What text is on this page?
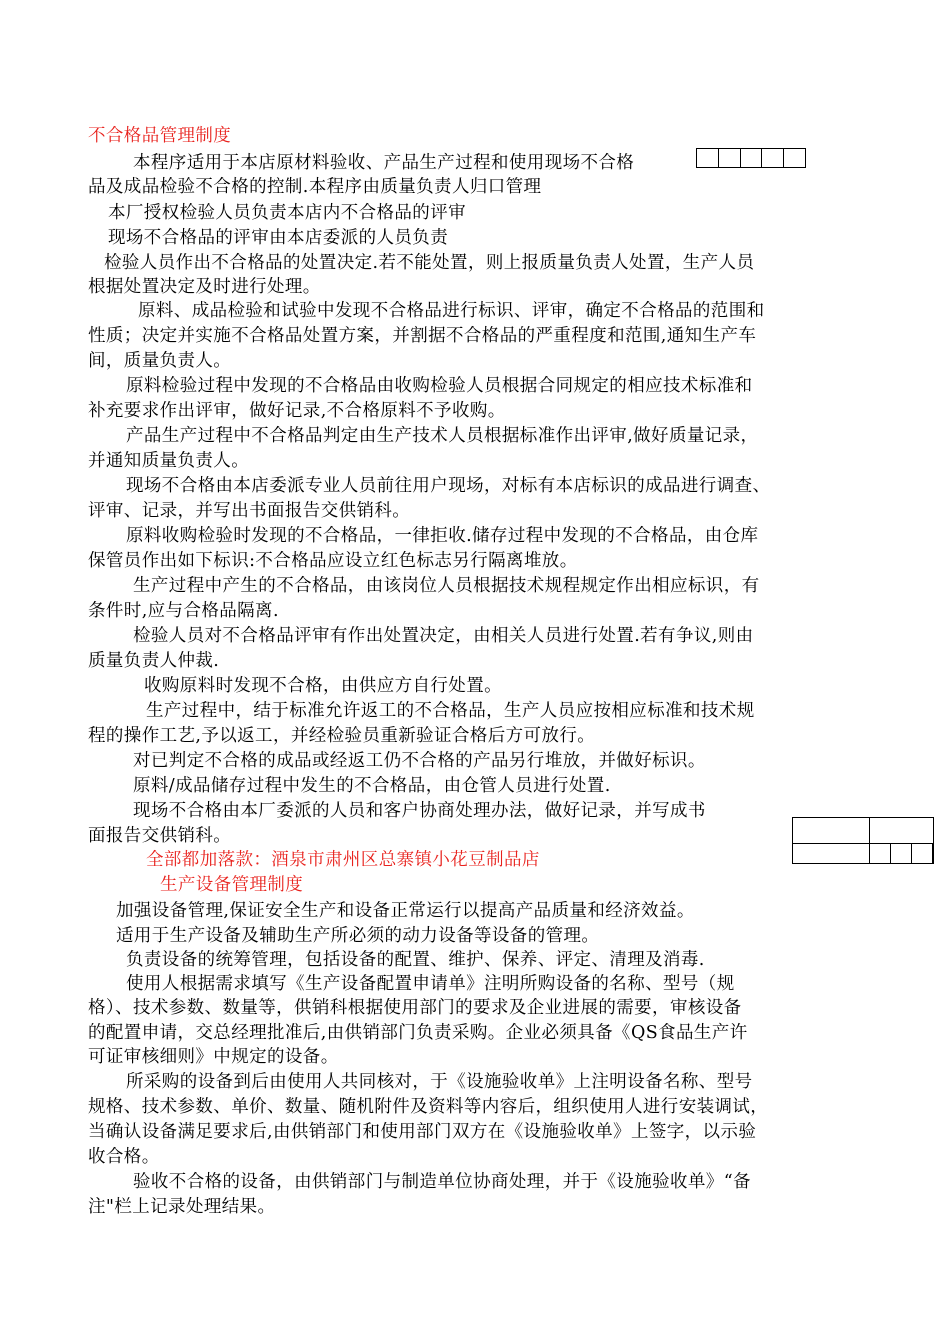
不合格品管理制度

本程序适用于本店原材料验收、产品生产过程和使用现场不合格
品及成品检验不合格的控制.本程序由质量负责人归口管理
本厂授权检验人员负责本店内不合格品的评审
现场不合格品的评审由本店委派的人员负责
检验人员作出不合格品的处置决定.若不能处置，则上报质量负责人处置，生产人员
根据处置决定及时进行处理。
原料、成品检验和试验中发现不合格品进行标识、评审，确定不合格品的范围和
性质；决定并实施不合格品处置方案，并割据不合格品的严重程度和范围,通知生产车
间，质量负责人。
原料检验过程中发现的不合格品由收购检验人员根据合同规定的相应技术标准和
补充要求作出评审，做好记录,不合格原料不予收购。
产品生产过程中不合格品判定由生产技术人员根据标准作出评审,做好质量记录，
并通知质量负责人。
现场不合格由本店委派专业人员前往用户现场，对标有本店标识的成品进行调查、
评审、记录，并写出书面报告交供销科。
原料收购检验时发现的不合格品，一律拒收.储存过程中发现的不合格品，由仓库
保管员作出如下标识:不合格品应设立红色标志另行隔离堆放。
生产过程中产生的不合格品，由该岗位人员根据技术规程规定作出相应标识，有
条件时,应与合格品隔离.
检验人员对不合格品评审有作出处置决定，由相关人员进行处置.若有争议,则由
质量负责人仲裁.
收购原料时发现不合格，由供应方自行处置。
生产过程中，结于标准允许返工的不合格品，生产人员应按相应标准和技术规
程的操作工艺,予以返工，并经检验员重新验证合格后方可放行。
对已判定不合格的成品或经返工仍不合格的产品另行堆放，并做好标识。
原料/成品储存过程中发生的不合格品，由仓管人员进行处置.
现场不合格由本厂委派的人员和客户协商处理办法，做好记录，并写成书
面报告交供销科。

全部都加落款：酒泉市肃州区总寨镇小花豆制品店
生产设备管理制度
加强设备管理,保证安全生产和设备正常运行以提高产品质量和经济效益。
适用于生产设备及辅助生产所必须的动力设备等设备的管理。
负责设备的统筹管理，包括设备的配置、维护、保养、评定、清理及消毒.
使用人根据需求填写《生产设备配置申请单》注明所购设备的名称、型号（规
格）、技术参数、数量等，供销科根据使用部门的要求及企业进展的需要，审核设备
的配置申请，交总经理批准后,由供销部门负责采购。企业必须具备《QS食品生产许
可证审核细则》中规定的设备。
所采购的设备到后由使用人共同核对，于《设施验收单》上注明设备名称、型号
规格、技术参数、单价、数量、随机附件及资料等内容后，组织使用人进行安装调试，
当确认设备满足要求后,由供销部门和使用部门双方在《设施验收单》上签字，以示验
收合格。
验收不合格的设备，由供销部门与制造单位协商处理，并于《设施验收单》“备
注"栏上记录处理结果。
